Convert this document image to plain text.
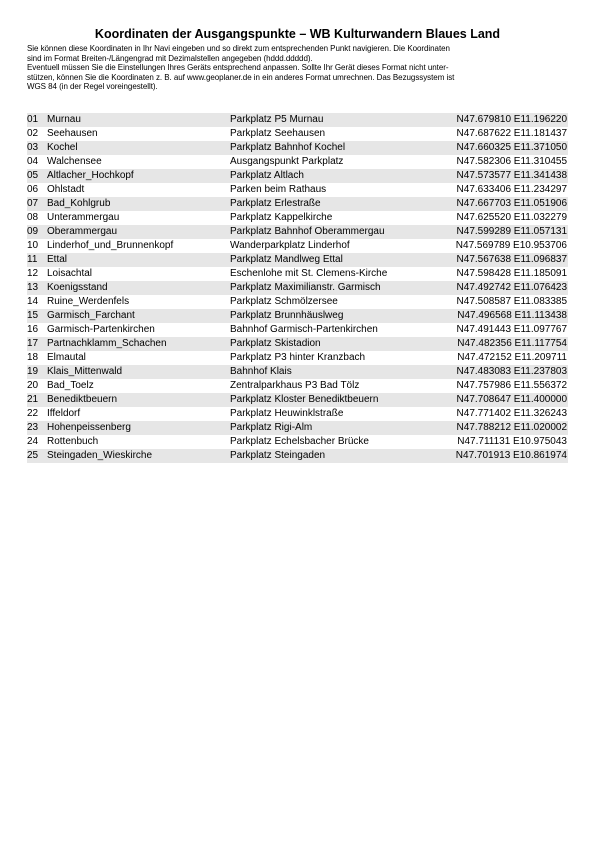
Koordinaten der Ausgangspunkte – WB Kulturwandern Blaues Land
Sie können diese Koordinaten in Ihr Navi eingeben und so direkt zum entsprechenden Punkt navigieren. Die Koordinaten
sind im Format Breiten-/Längengrad mit Dezimalstellen angegeben (hddd.ddddd).
Eventuell müssen Sie die Einstellungen Ihres Geräts entsprechend anpassen. Sollte Ihr Gerät dieses Format nicht unter-
stützen, können Sie die Koordinaten z. B. auf www.geoplaner.de in ein anderes Format umrechnen. Das Bezugssystem ist
WGS 84 (in der Regel voreingestellt).
01 Murnau	Parkplatz P5 Murnau	N47.679810 E11.196220
02 Seehausen	Parkplatz Seehausen	N47.687622 E11.181437
03 Kochel	Parkplatz Bahnhof Kochel	N47.660325 E11.371050
04 Walchensee	Ausgangspunkt Parkplatz	N47.582306 E11.310455
05 Altlacher_Hochkopf	Parkplatz Altlach	N47.573577 E11.341438
06 Ohlstadt	Parken beim Rathaus	N47.633406 E11.234297
07 Bad_Kohlgrub	Parkplatz Erlestraße	N47.667703 E11.051906
08 Unterammergau	Parkplatz Kappelkirche	N47.625520 E11.032279
09 Oberammergau	Parkplatz Bahnhof Oberammergau	N47.599289 E11.057131
10 Linderhof_und_Brunnenkopf	Wanderparkplatz Linderhof	N47.569789 E10.953706
11 Ettal	Parkplatz Mandlweg Ettal	N47.567638 E11.096837
12 Loisachtal	Eschenlohe mit St. Clemens-Kirche	N47.598428 E11.185091
13 Koenigsstand	Parkplatz Maximilianstr. Garmisch	N47.492742 E11.076423
14 Ruine_Werdenfels	Parkplatz Schmölzersee	N47.508587 E11.083385
15 Garmisch_Farchant	Parkplatz Brunnhäuslweg	N47.496568 E11.113438
16 Garmisch-Partenkirchen	Bahnhof Garmisch-Partenkirchen	N47.491443 E11.097767
17 Partnachklamm_Schachen	Parkplatz Skistadion	N47.482356 E11.117754
18 Elmautal	Parkplatz P3 hinter Kranzbach	N47.472152 E11.209711
19 Klais_Mittenwald	Bahnhof Klais	N47.483083 E11.237803
20 Bad_Toelz	Zentralparkhaus P3 Bad Tölz	N47.757986 E11.556372
21 Benediktbeuern	Parkplatz Kloster Benediktbeuern	N47.708647 E11.400000
22 Iffeldorf	Parkplatz Heuwinklstraße	N47.771402 E11.326243
23 Hohenpeissenberg	Parkplatz Rigi-Alm	N47.788212 E11.020002
24 Rottenbuch	Parkplatz Echelsbacher Brücke	N47.711131 E10.975043
25 Steingaden_Wieskirche	Parkplatz Steingaden	N47.701913 E10.861974
